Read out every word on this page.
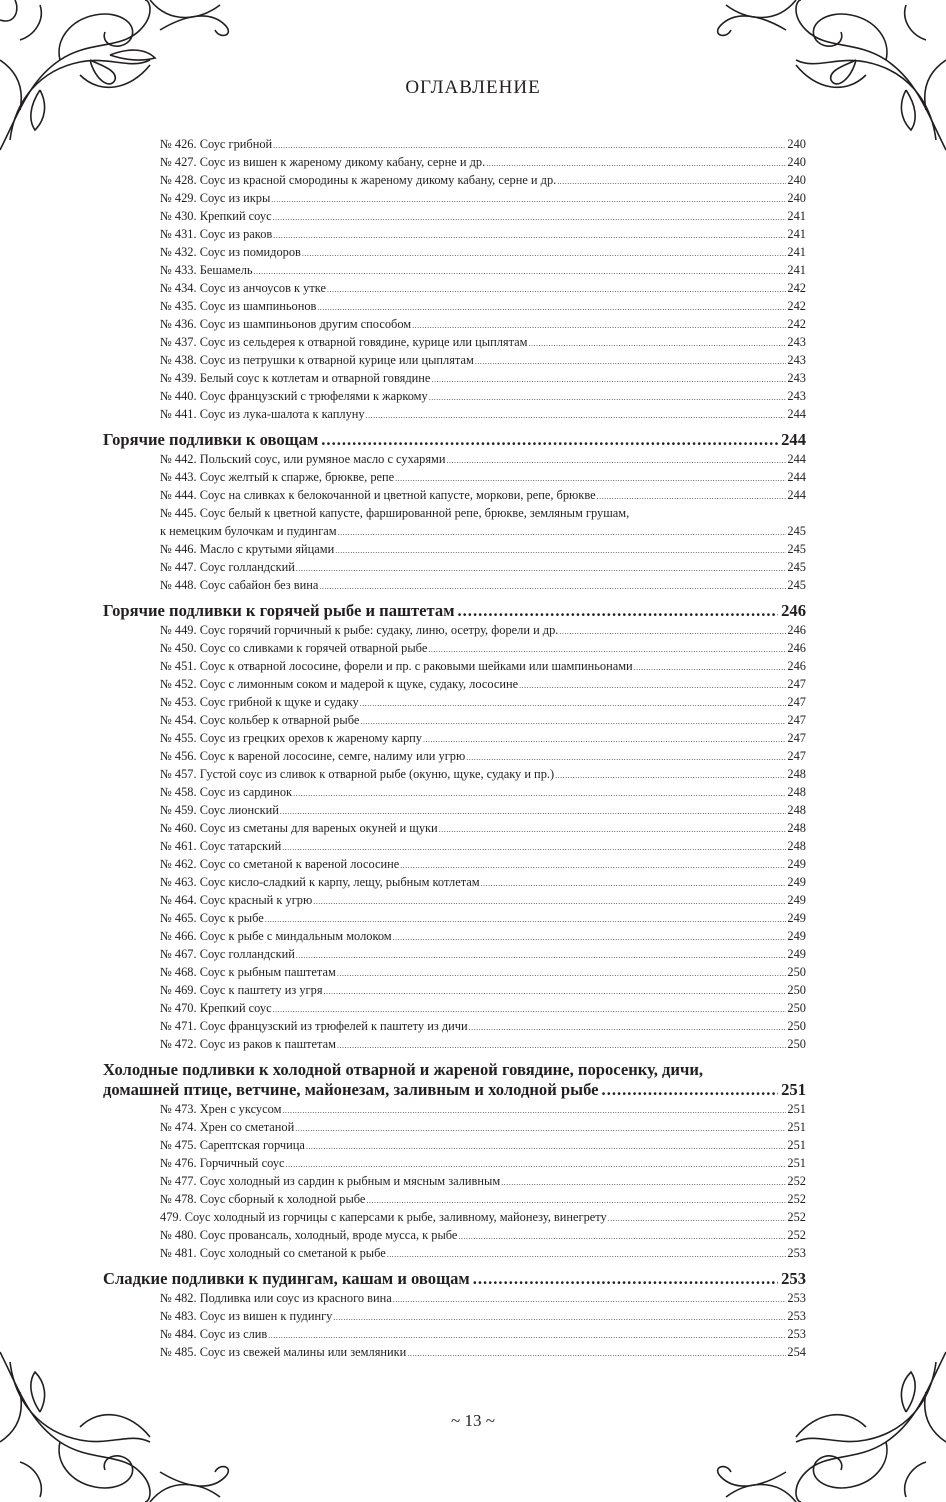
ОГЛАВЛЕНИЕ
№ 426. Соус грибной .....	240
№ 427. Соус из вишен к жареному дикому кабану, серне и др. .....	240
№ 428. Соус из красной смородины к жареному дикому кабану, серне и др. .....	240
№ 429. Соус из икры .....	240
№ 430. Крепкий соус .....	241
№ 431. Соус из раков .....	241
№ 432. Соус из помидоров .....	241
№ 433. Бешамель .....	241
№ 434. Соус из анчоусов к утке .....	242
№ 435. Соус из шампиньонов .....	242
№ 436. Соус из шампиньонов другим способом .....	242
№ 437. Соус из сельдерея к отварной говядине, курице или цыплятам .....	243
№ 438. Соус из петрушки к отварной курице или цыплятам .....	243
№ 439. Белый соус к котлетам и отварной говядине .....	243
№ 440. Соус французский с трюфелями к жаркому .....	243
№ 441. Соус из лука-шалота к каплуну .....	244
Горячие подливки к овощам .....	244
№ 442. Польский соус, или румяное масло с сухарями .....	244
№ 443. Соус желтый к спарже, брюкве, репе .....	244
№ 444. Соус на сливках к белокочанной и цветной капусте, моркови, репе, брюкве .....	244
№ 445. Соус белый к цветной капусте, фаршированной репе, брюкве, земляным грушам,
к немецким булочкам и пудингам .....	245
№ 446. Масло с крутыми яйцами .....	245
№ 447. Соус голландский .....	245
№ 448. Соус сабайон без вина .....	245
Горячие подливки к горячей рыбе и паштетам .....	246
№ 449. Соус горячий горчичный к рыбе: судаку, линю, осетру, форели и др. .....	246
№ 450. Соус со сливками к горячей отварной рыбе .....	246
№ 451. Соус к отварной лососине, форели и пр. с раковыми шейками или шампиньонами .....	246
№ 452. Соус с лимонным соком и мадерой к щуке, судаку, лососине .....	247
№ 453. Соус грибной к щуке и судаку .....	247
№ 454. Соус кольбер к отварной рыбе .....	247
№ 455. Соус из грецких орехов к жареному карпу .....	247
№ 456. Соус к вареной лососине, семге, налиму или угрю .....	247
№ 457. Густой соус из сливок к отварной рыбе (окуню, щуке, судаку и пр.) .....	248
№ 458. Соус из сардинок .....	248
№ 459. Соус лионский .....	248
№ 460. Соус из сметаны для вареных окуней и щуки .....	248
№ 461. Соус татарский .....	248
№ 462. Соус со сметаной к вареной лососине .....	249
№ 463. Соус кисло-сладкий к карпу, лещу, рыбным котлетам .....	249
№ 464. Соус красный к угрю .....	249
№ 465. Соус к рыбе .....	249
№ 466. Соус к рыбе с миндальным молоком .....	249
№ 467. Соус голландский .....	249
№ 468. Соус к рыбным паштетам .....	250
№ 469. Соус к паштету из угря .....	250
№ 470. Крепкий соус .....	250
№ 471. Соус французский из трюфелей к паштету из дичи .....	250
№ 472. Соус из раков к паштетам .....	250
Холодные подливки к холодной отварной и жареной говядине, поросенку, дичи,
домашней птице, ветчине, майонезам, заливным и холодной рыбе .....	251
№ 473. Хрен с уксусом .....	251
№ 474. Хрен со сметаной .....	251
№ 475. Сарептская горчица .....	251
№ 476. Горчичный соус .....	251
№ 477. Соус холодный из сардин к рыбным и мясным заливным .....	252
№ 478. Соус сборный к холодной рыбе .....	252
479. Соус холодный из горчицы с каперсами к рыбе, заливному, майонезу, винегрету .....	252
№ 480. Соус провансаль, холодный, вроде мусса, к рыбе .....	252
№ 481. Соус холодный со сметаной к рыбе .....	253
Сладкие подливки к пудингам, кашам и овощам .....	253
№ 482. Подливка или соус из красного вина .....	253
№ 483. Соус из вишен к пудингу .....	253
№ 484. Соус из слив .....	253
№ 485. Соус из свежей малины или земляники .....	254
~ 13 ~
